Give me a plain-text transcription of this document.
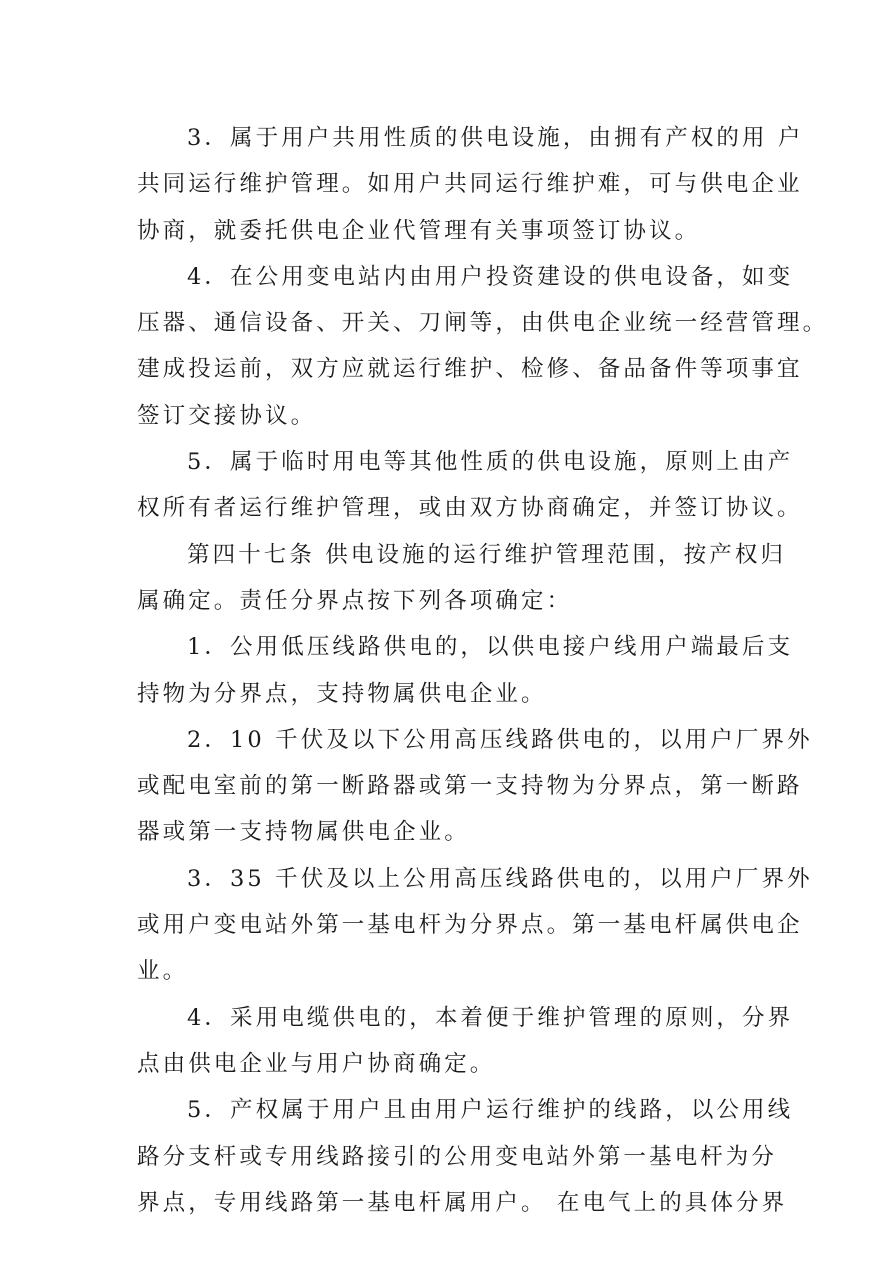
3．属于用户共用性质的供电设施，由拥有产权的用 户
共同运行维护管理。如用户共同运行维护难，可与供电企业
协商，就委托供电企业代管理有关事项签订协议。
4．在公用变电站内由用户投资建设的供电设备，如变
压器、通信设备、开关、刀闸等，由供电企业统一经营管理。
建成投运前，双方应就运行维护、检修、备品备件等项事宜
签订交接协议。
5．属于临时用电等其他性质的供电设施，原则上由产
权所有者运行维护管理，或由双方协商确定，并签订协议。
第四十七条 供电设施的运行维护管理范围，按产权归
属确定。责任分界点按下列各项确定：
1．公用低压线路供电的，以供电接户线用户端最后支
持物为分界点，支持物属供电企业。
2．10 千伏及以下公用高压线路供电的，以用户厂界外
或配电室前的第一断路器或第一支持物为分界点，第一断路
器或第一支持物属供电企业。
3．35 千伏及以上公用高压线路供电的，以用户厂界外
或用户变电站外第一基电杆为分界点。第一基电杆属供电企
业。
4．采用电缆供电的，本着便于维护管理的原则，分界
点由供电企业与用户协商确定。
5．产权属于用户且由用户运行维护的线路，以公用线
路分支杆或专用线路接引的公用变电站外第一基电杆为分
界点，专用线路第一基电杆属用户。 在电气上的具体分界
